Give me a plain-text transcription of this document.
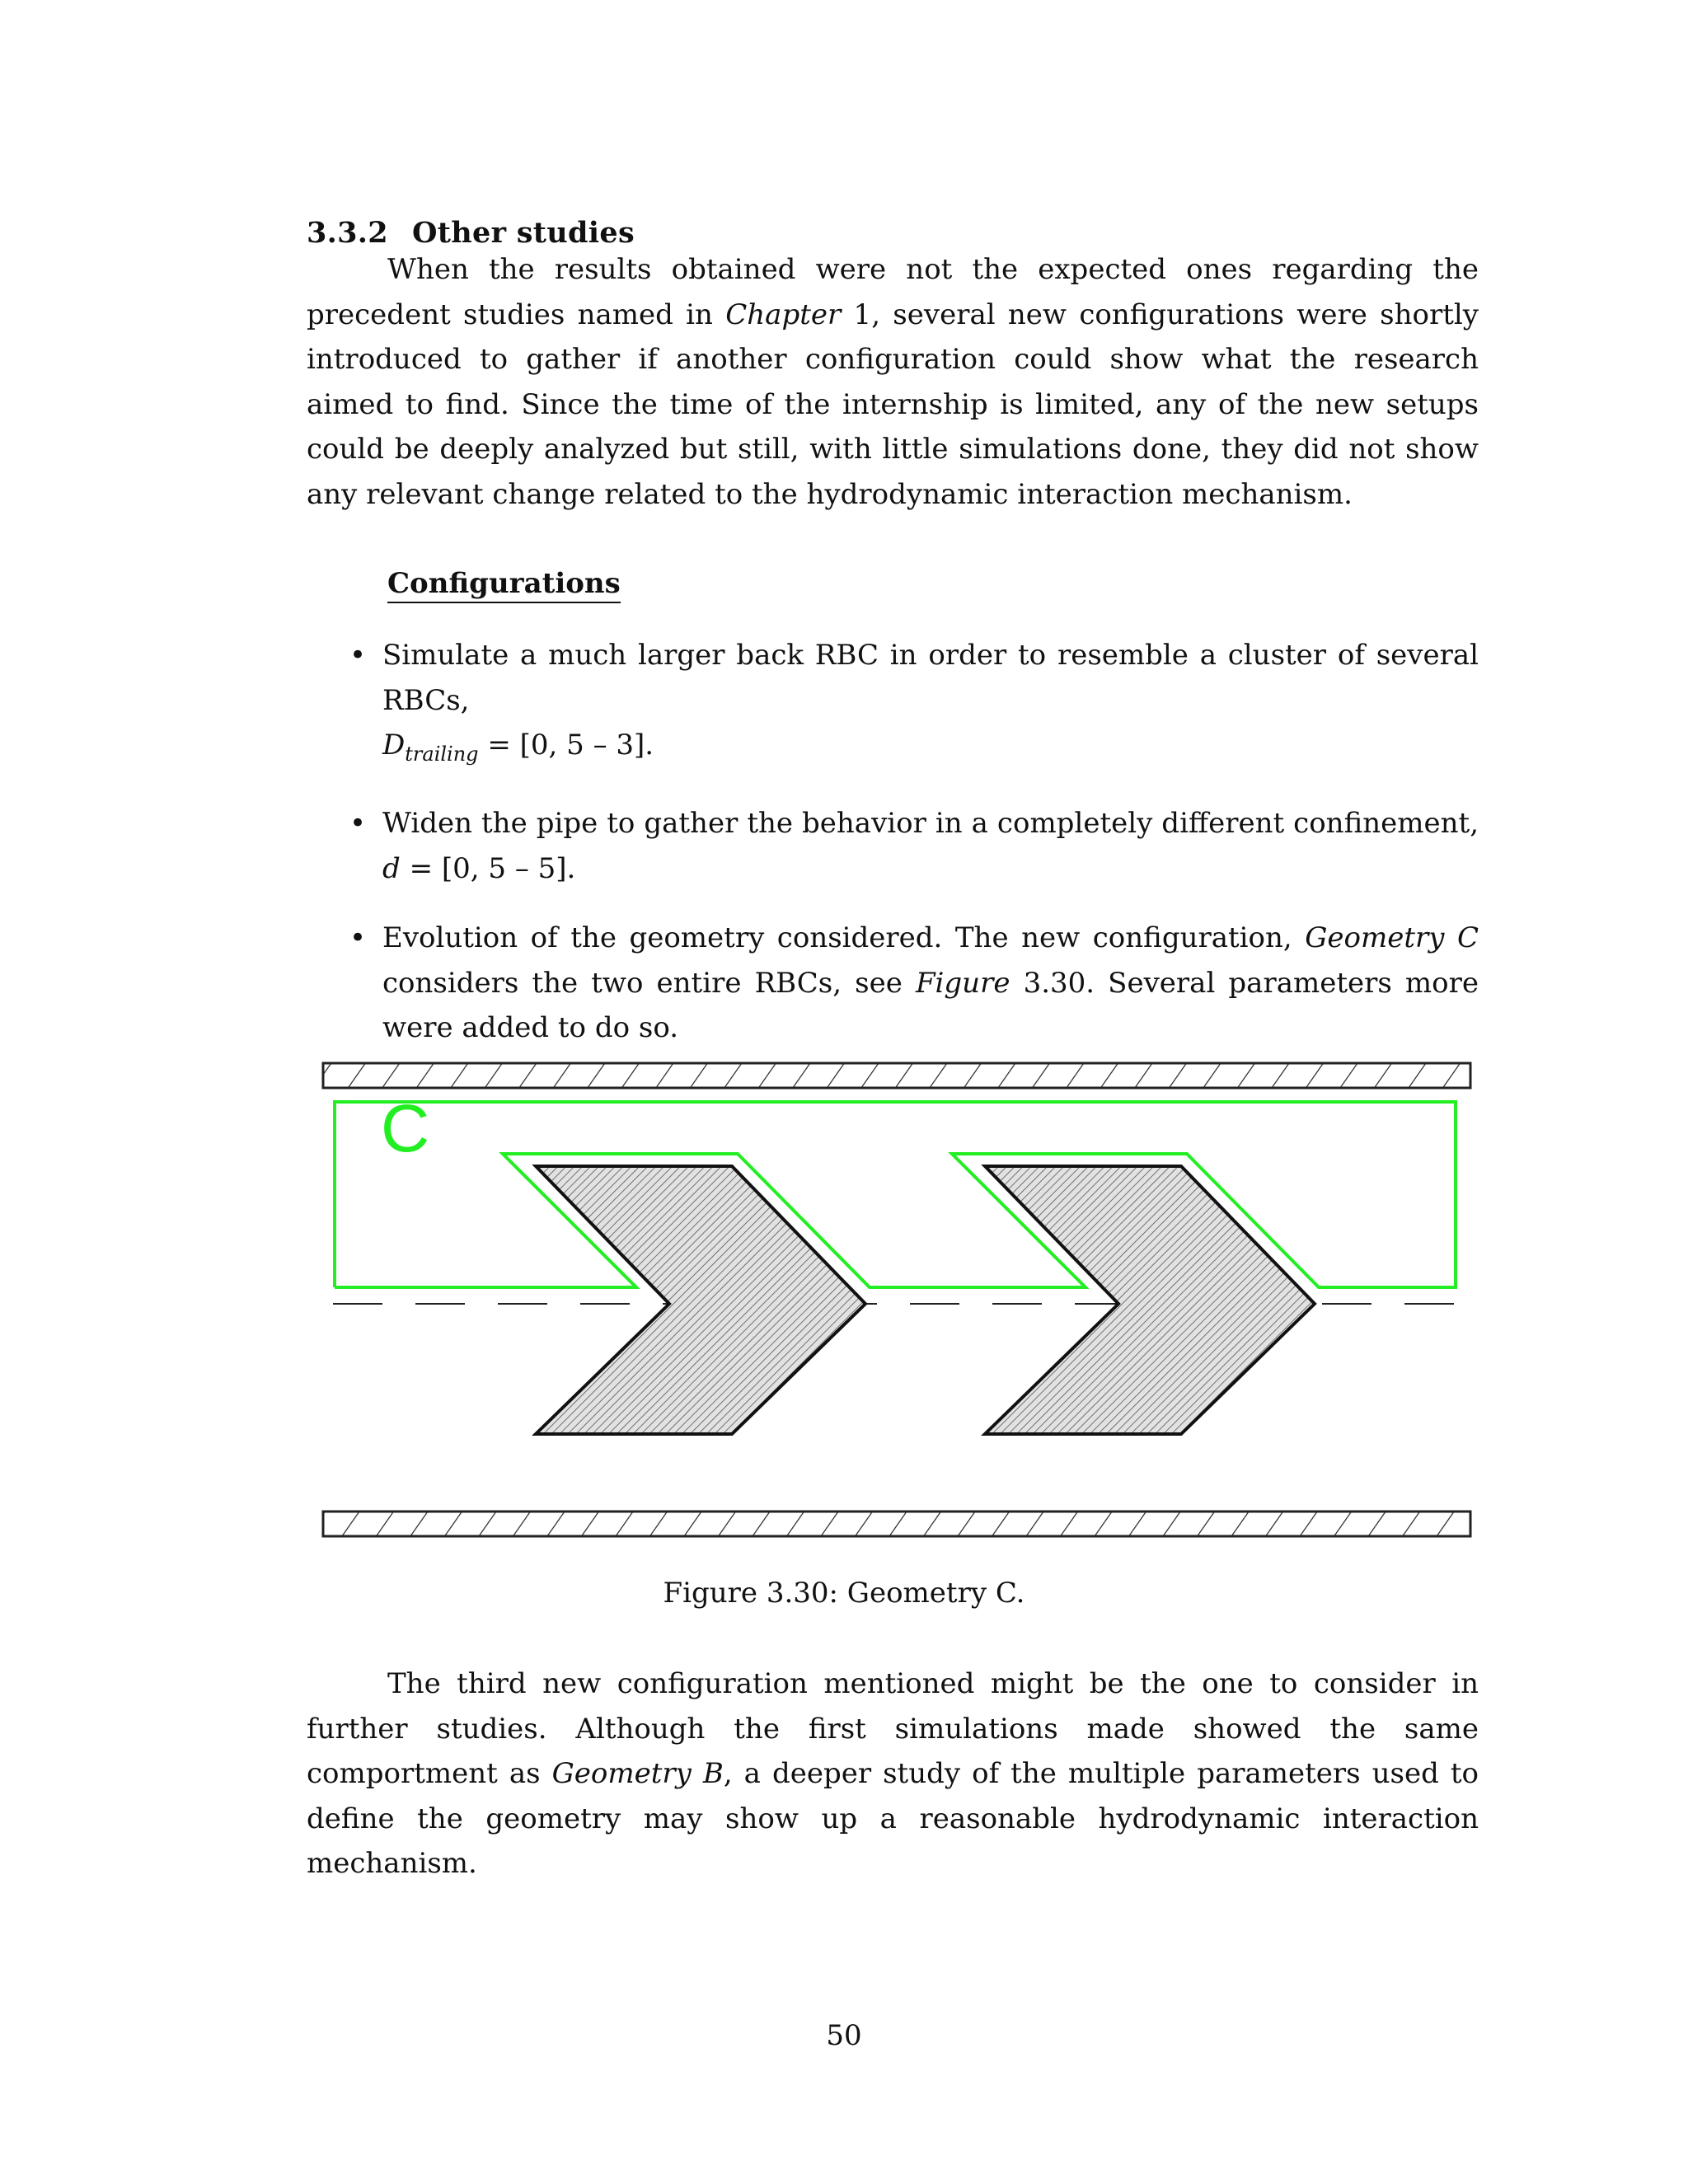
3.3.2 Other studies

When the results obtained were not the expected ones regarding the precedent studies named in Chapter 1, several new configurations were shortly introduced to gather if another configuration could show what the research aimed to find. Since the time of the internship is limited, any of the new setups could be deeply analyzed but still, with little simulations done, they did not show any relevant change related to the hydrodynamic interaction mechanism.

Configurations
• Simulate a much larger back RBC in order to resemble a cluster of several RBCs,
$D_{trailing} = [0$, 5 – 3].
• Widen the pipe to gather the behavior in a completely different confinement, d = [0, 5 – 5].
• Evolution of the geometry considered. The new configuration, Geometry C considers the two entire RBCs, see Figure 3.30. Several parameters more were added to do so.
C
Figure 3.30: Geometry C.

The third new configuration mentioned might be the one to consider in further studies. Although the first simulations made showed the same comportment as Geometry B, a deeper study of the multiple parameters used to define the geometry may show up a reasonable hydrodynamic interaction mechanism.

50
